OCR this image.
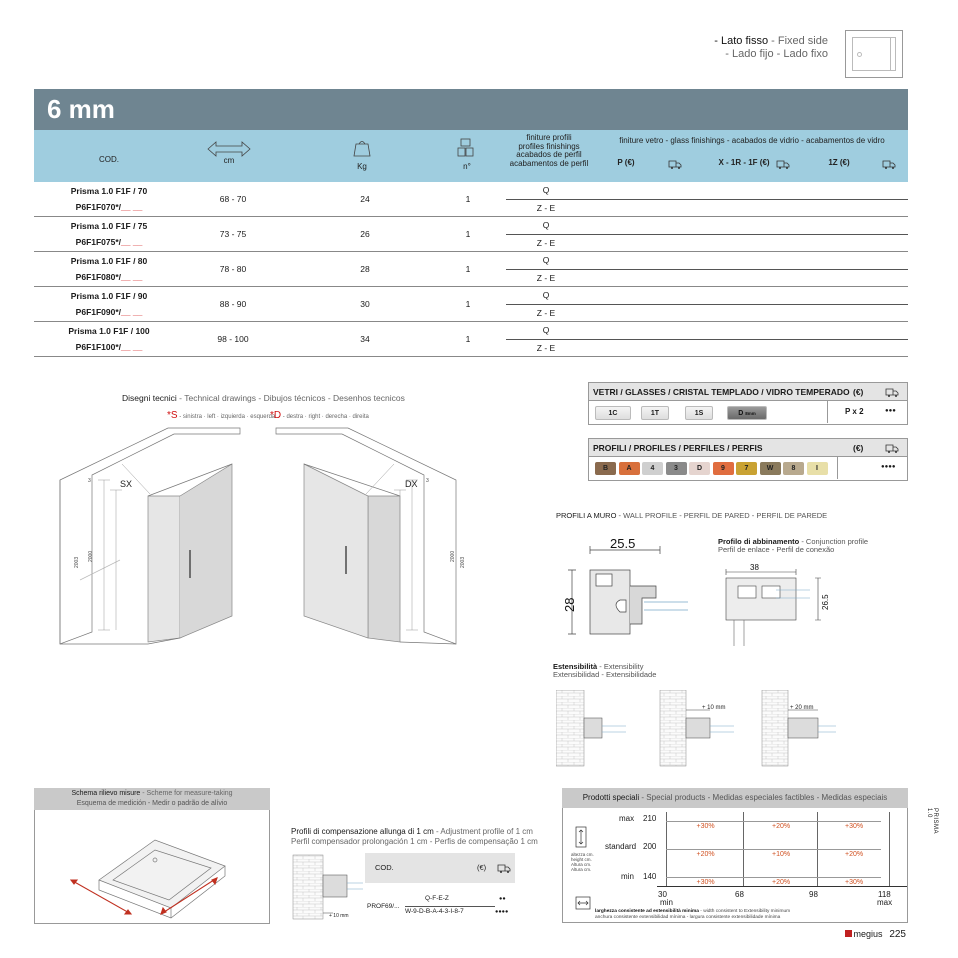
- Lato fisso - Fixed side
- Lado fijo - Lado fixo
6 mm
COD.	cm
Kg	n°
finiture profili
profiles finishings
acabados de perfil
acabamentos de perfil
finiture vetro - glass finishings - acabados de vidrio - acabamentos de vidro
P (€)	X - 1R - 1F (€)	1Z (€)
Prisma 1.0 F1F / 70
P6F1F070*/__ __
68 - 70	24	1
Q
Z - E
Prisma 1.0 F1F / 75
P6F1F075*/__ __
73 - 75	26	1
Q
Z - E
Prisma 1.0 F1F / 80
P6F1F080*/__ __
78 - 80	28	1
Q
Z - E
Prisma 1.0 F1F / 90
P6F1F090*/__ __
88 - 90	30	1
Q
Z - E
Prisma 1.0 F1F / 100
P6F1F100*/__ __
98 - 100	34	1
Q
Z - E
Disegni tecnici - Technical drawings - Dibujos técnicos - Desenhos tecnicos
*S - sinistra · left · izquierda · esquerda
*D - destra · right · derecha · direita
SX	DX
3	3
2003
2000	2000
2003
VETRI / GLASSES / CRISTAL TEMPLADO / VIDRO TEMPERADO (€)
1C	1T	1S	D 8mm	P x 2	●●●
PROFILI / PROFILES / PERFILES / PERFIS	(€)
B	A	4	3	D	9	7	W	8	I	●●●●
PROFILI A MURO - WALL PROFILE - PERFIL DE PARED - PERFIL DE PAREDE
25.5
28
Profilo di abbinamento - Conjunction profile
Perfil de enlace - Perfil de conexão
38
26.5
Estensibilità - Extensibility
Extensibilidad - Extensibilidade
+ 10 mm	+ 20 mm
Schema rilievo misure - Scheme for measure-taking
Esquema de medición - Medir o padrão de alívio
Profili di compensazione allunga di 1 cm - Adjustment profile of 1 cm
Perfil compensador prolongación 1 cm - Perfis de compensação 1 cm
+ 10 mm
COD.	(€)
PROF69/...
Q-F-E-Z
W-9-D-B-A-4-3-I-8-7
●●
●●●●
Prodotti speciali - Special products - Medidas especiales factibles - Medidas especiais
max 210
standard 200
min 140
altezza cm.
height cm.
Altura cm.
Altura cm.
+30%	+20%	+30%
+20%	+10%	+20%
+30%	+20%	+30%
30
min
68	98	118
max
larghezza consistente ad estensibilità minima - width consistent to Extensibility minimum
anchura consistente extensibilidad mínima - largura consistente extensibilidade mínima
megius 225
PRISMA 1.0
